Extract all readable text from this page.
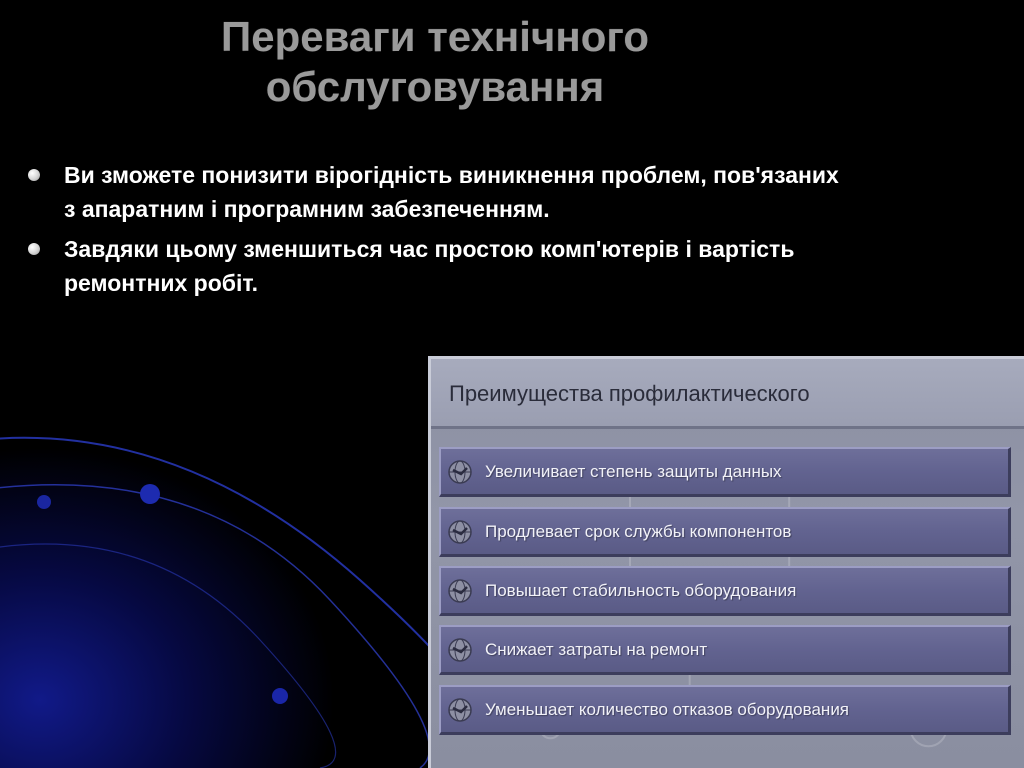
Переваги технічного
обслуговування
Ви зможете понизити вірогідність виникнення проблем, пов'язаних з апаратним і програмним забезпеченням.
Завдяки цьому зменшиться час простою комп'ютерів і вартість ремонтних робіт.
Преимущества профилактического
Увеличивает степень защиты данных
Продлевает срок службы компонентов
Повышает стабильность оборудования
Снижает затраты на ремонт
Уменьшает количество отказов оборудования
